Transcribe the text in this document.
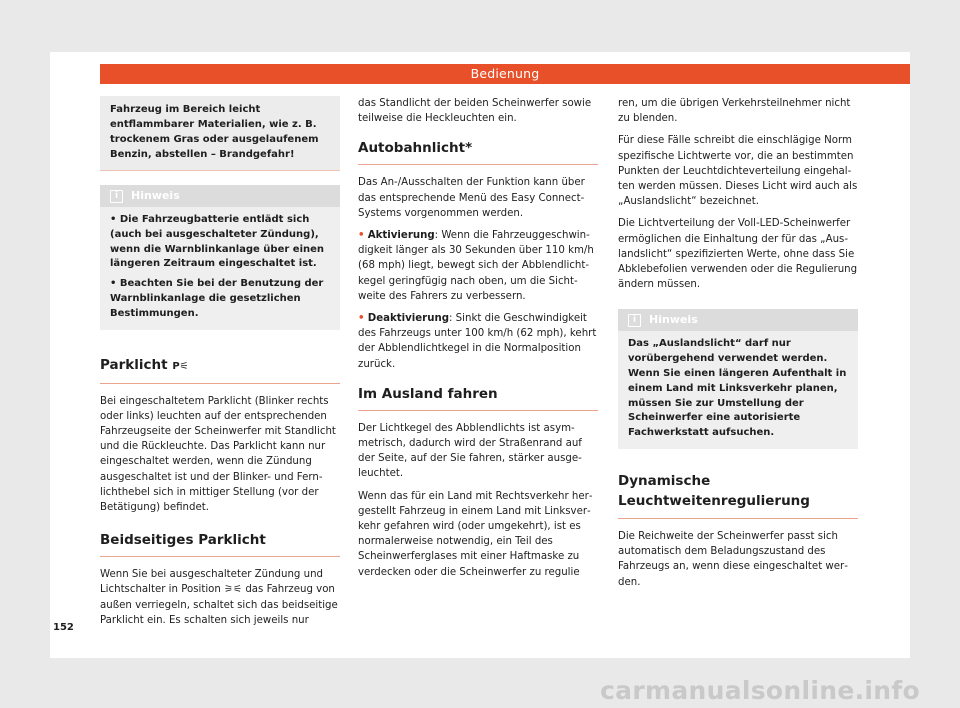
Bedienung
Fahrzeug im Bereich leicht entflammbarer Materialien, wie z. B. trockenem Gras oder ausgelaufenem Benzin, abstellen – Brandgefahr!
i	Hinweis

• Die Fahrzeugbatterie entlädt sich (auch bei ausgeschalteter Zündung), wenn die Warnblinkanlage über einen längeren Zeitraum eingeschaltet ist.

• Beachten Sie bei der Benutzung der Warnblinkanlage die gesetzlichen Bestimmungen.

Parklicht P⚟

Bei eingeschaltetem Parklicht (Blinker rechts oder links) leuchten auf der entsprechenden Fahrzeugseite der Scheinwerfer mit Standlicht und die Rückleuchte. Das Parklicht kann nur eingeschaltet werden, wenn die Zündung ausgeschaltet ist und der Blinker- und Fernlichthebel sich in mittiger Stellung (vor der Betätigung) befindet.

Beidseitiges Parklicht

Wenn Sie bei ausgeschalteter Zündung und Lichtschalter in Position ⚞⚟ das Fahrzeug von außen verriegeln, schaltet sich das beidseitige Parklicht ein. Es schalten sich jeweils nur

das Standlicht der beiden Scheinwerfer sowie teilweise die Heckleuchten ein.

Autobahnlicht*

Das An-/Ausschalten der Funktion kann über das entsprechende Menü des Easy Connect-Systems vorgenommen werden.

• Aktivierung: Wenn die Fahrzeuggeschwindigkeit länger als 30 Sekunden über 110 km/h (68 mph) liegt, bewegt sich der Abblendlichtkegel geringfügig nach oben, um die Sichtweite des Fahrers zu verbessern.

• Deaktivierung: Sinkt die Geschwindigkeit des Fahrzeugs unter 100 km/h (62 mph), kehrt der Abblendlichtkegel in die Normalposition zurück.

Im Ausland fahren

Der Lichtkegel des Abblendlichts ist asymmetrisch, dadurch wird der Straßenrand auf der Seite, auf der Sie fahren, stärker ausgeleuchtet.

Wenn das für ein Land mit Rechtsverkehr hergestellt Fahrzeug in einem Land mit Linksverkehr gefahren wird (oder umgekehrt), ist es normalerweise notwendig, ein Teil des Scheinwerferglases mit einer Haftmaske zu verdecken oder die Scheinwerfer zu regulie

ren, um die übrigen Verkehrsteilnehmer nicht zu blenden.

Für diese Fälle schreibt die einschlägige Norm spezifische Lichtwerte vor, die an bestimmten Punkten der Leuchtdichteverteilung eingehalten werden müssen. Dieses Licht wird auch als „Auslandslicht“ bezeichnet.

Die Lichtverteilung der Voll-LED-Scheinwerfer ermöglichen die Einhaltung der für das „Auslandslicht“ spezifizierten Werte, ohne dass Sie Abklebefolien verwenden oder die Regulierung ändern müssen.

i	Hinweis

Das „Auslandslicht“ darf nur vorübergehend verwendet werden. Wenn Sie einen längeren Aufenthalt in einem Land mit Linksverkehr planen, müssen Sie zur Umstellung der Scheinwerfer eine autorisierte Fachwerkstatt aufsuchen.

Dynamische Leuchtweitenregulierung

Die Reichweite der Scheinwerfer passt sich automatisch dem Beladungszustand des Fahrzeugs an, wenn diese eingeschaltet werden.

152
carmanualsonline.info
